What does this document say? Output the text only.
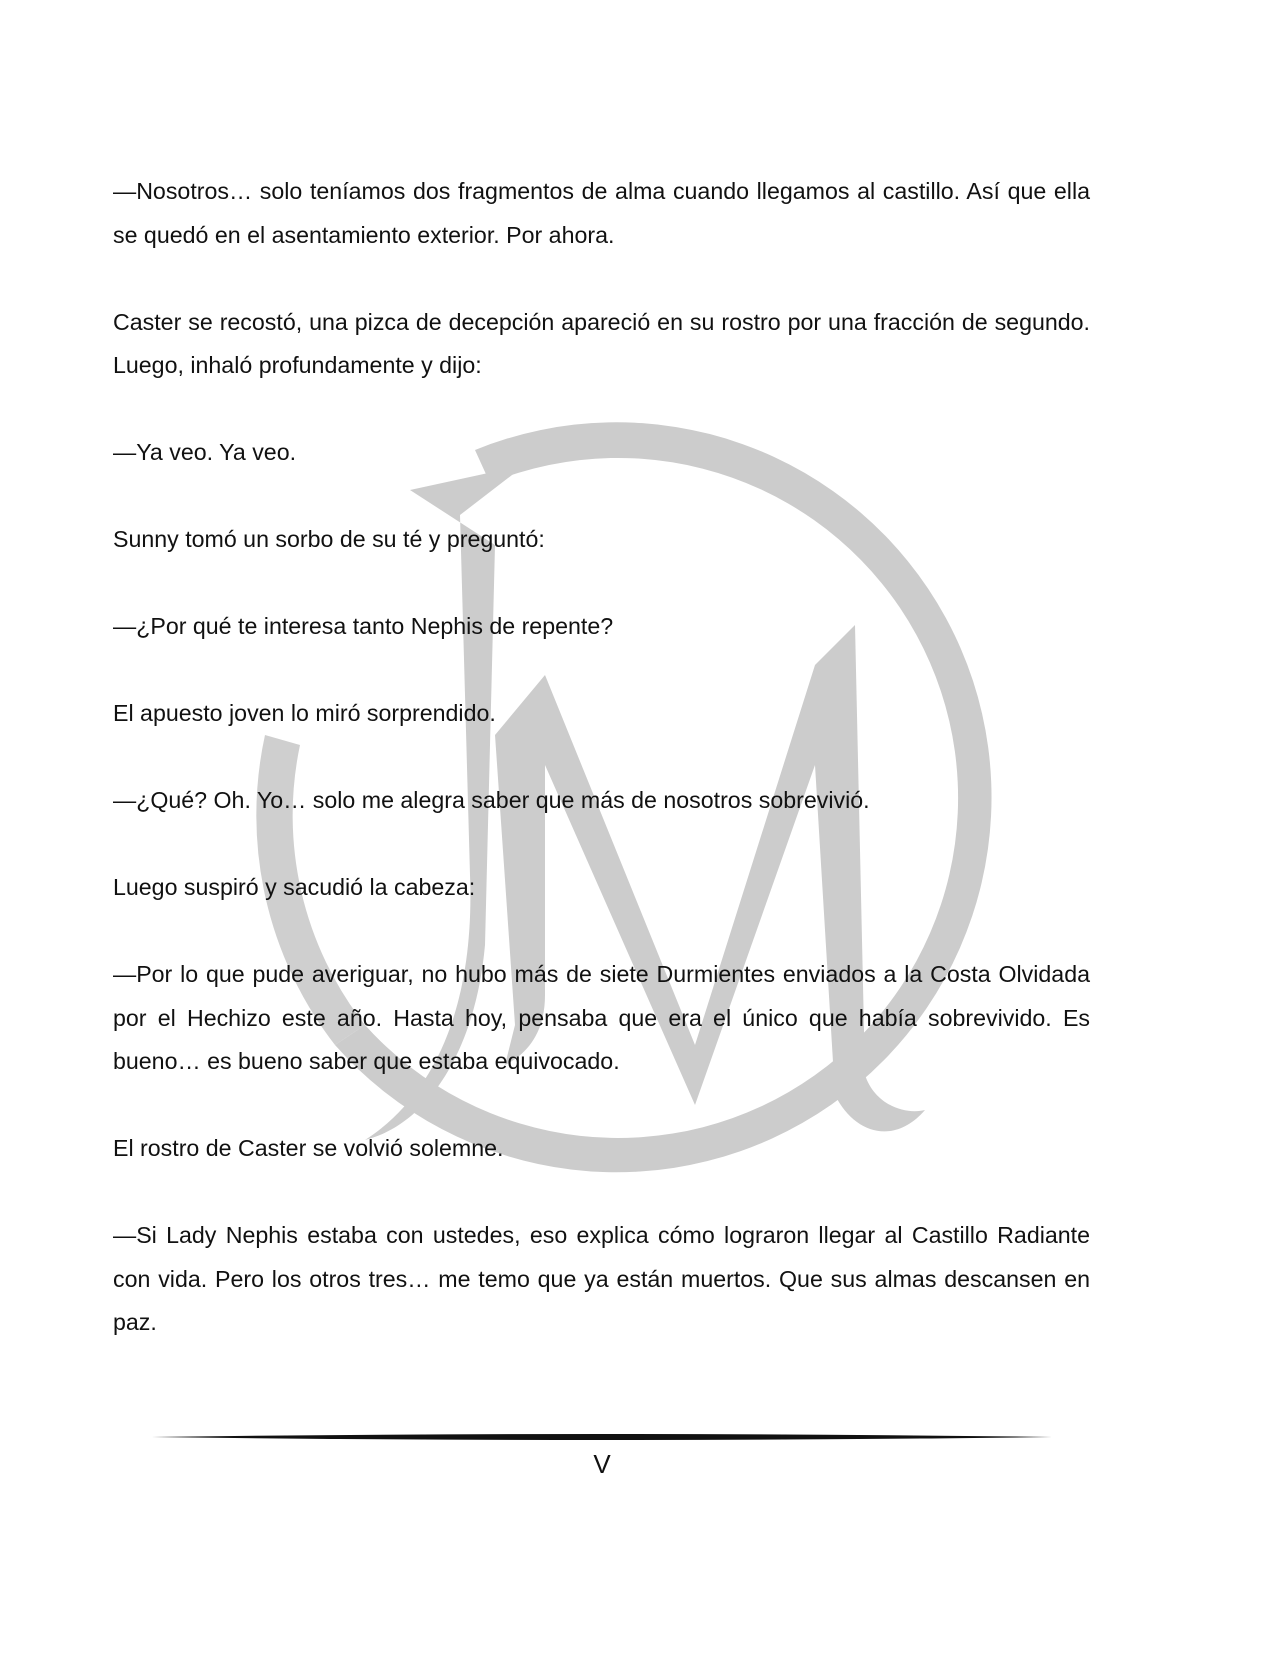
—Nosotros… solo teníamos dos fragmentos de alma cuando llegamos al castillo. Así que ella se quedó en el asentamiento exterior. Por ahora.

Caster se recostó, una pizca de decepción apareció en su rostro por una fracción de segundo. Luego, inhaló profundamente y dijo:

—Ya veo. Ya veo.

Sunny tomó un sorbo de su té y preguntó:

—¿Por qué te interesa tanto Nephis de repente?

El apuesto joven lo miró sorprendido.

—¿Qué? Oh. Yo… solo me alegra saber que más de nosotros sobrevivió.

Luego suspiró y sacudió la cabeza:

—Por lo que pude averiguar, no hubo más de siete Durmientes enviados a la Costa Olvidada por el Hechizo este año. Hasta hoy, pensaba que era el único que había sobrevivido. Es bueno… es bueno saber que estaba equivocado.

El rostro de Caster se volvió solemne.

—Si Lady Nephis estaba con ustedes, eso explica cómo lograron llegar al Castillo Radiante con vida. Pero los otros tres… me temo que ya están muertos. Que sus almas descansen en paz.

V
